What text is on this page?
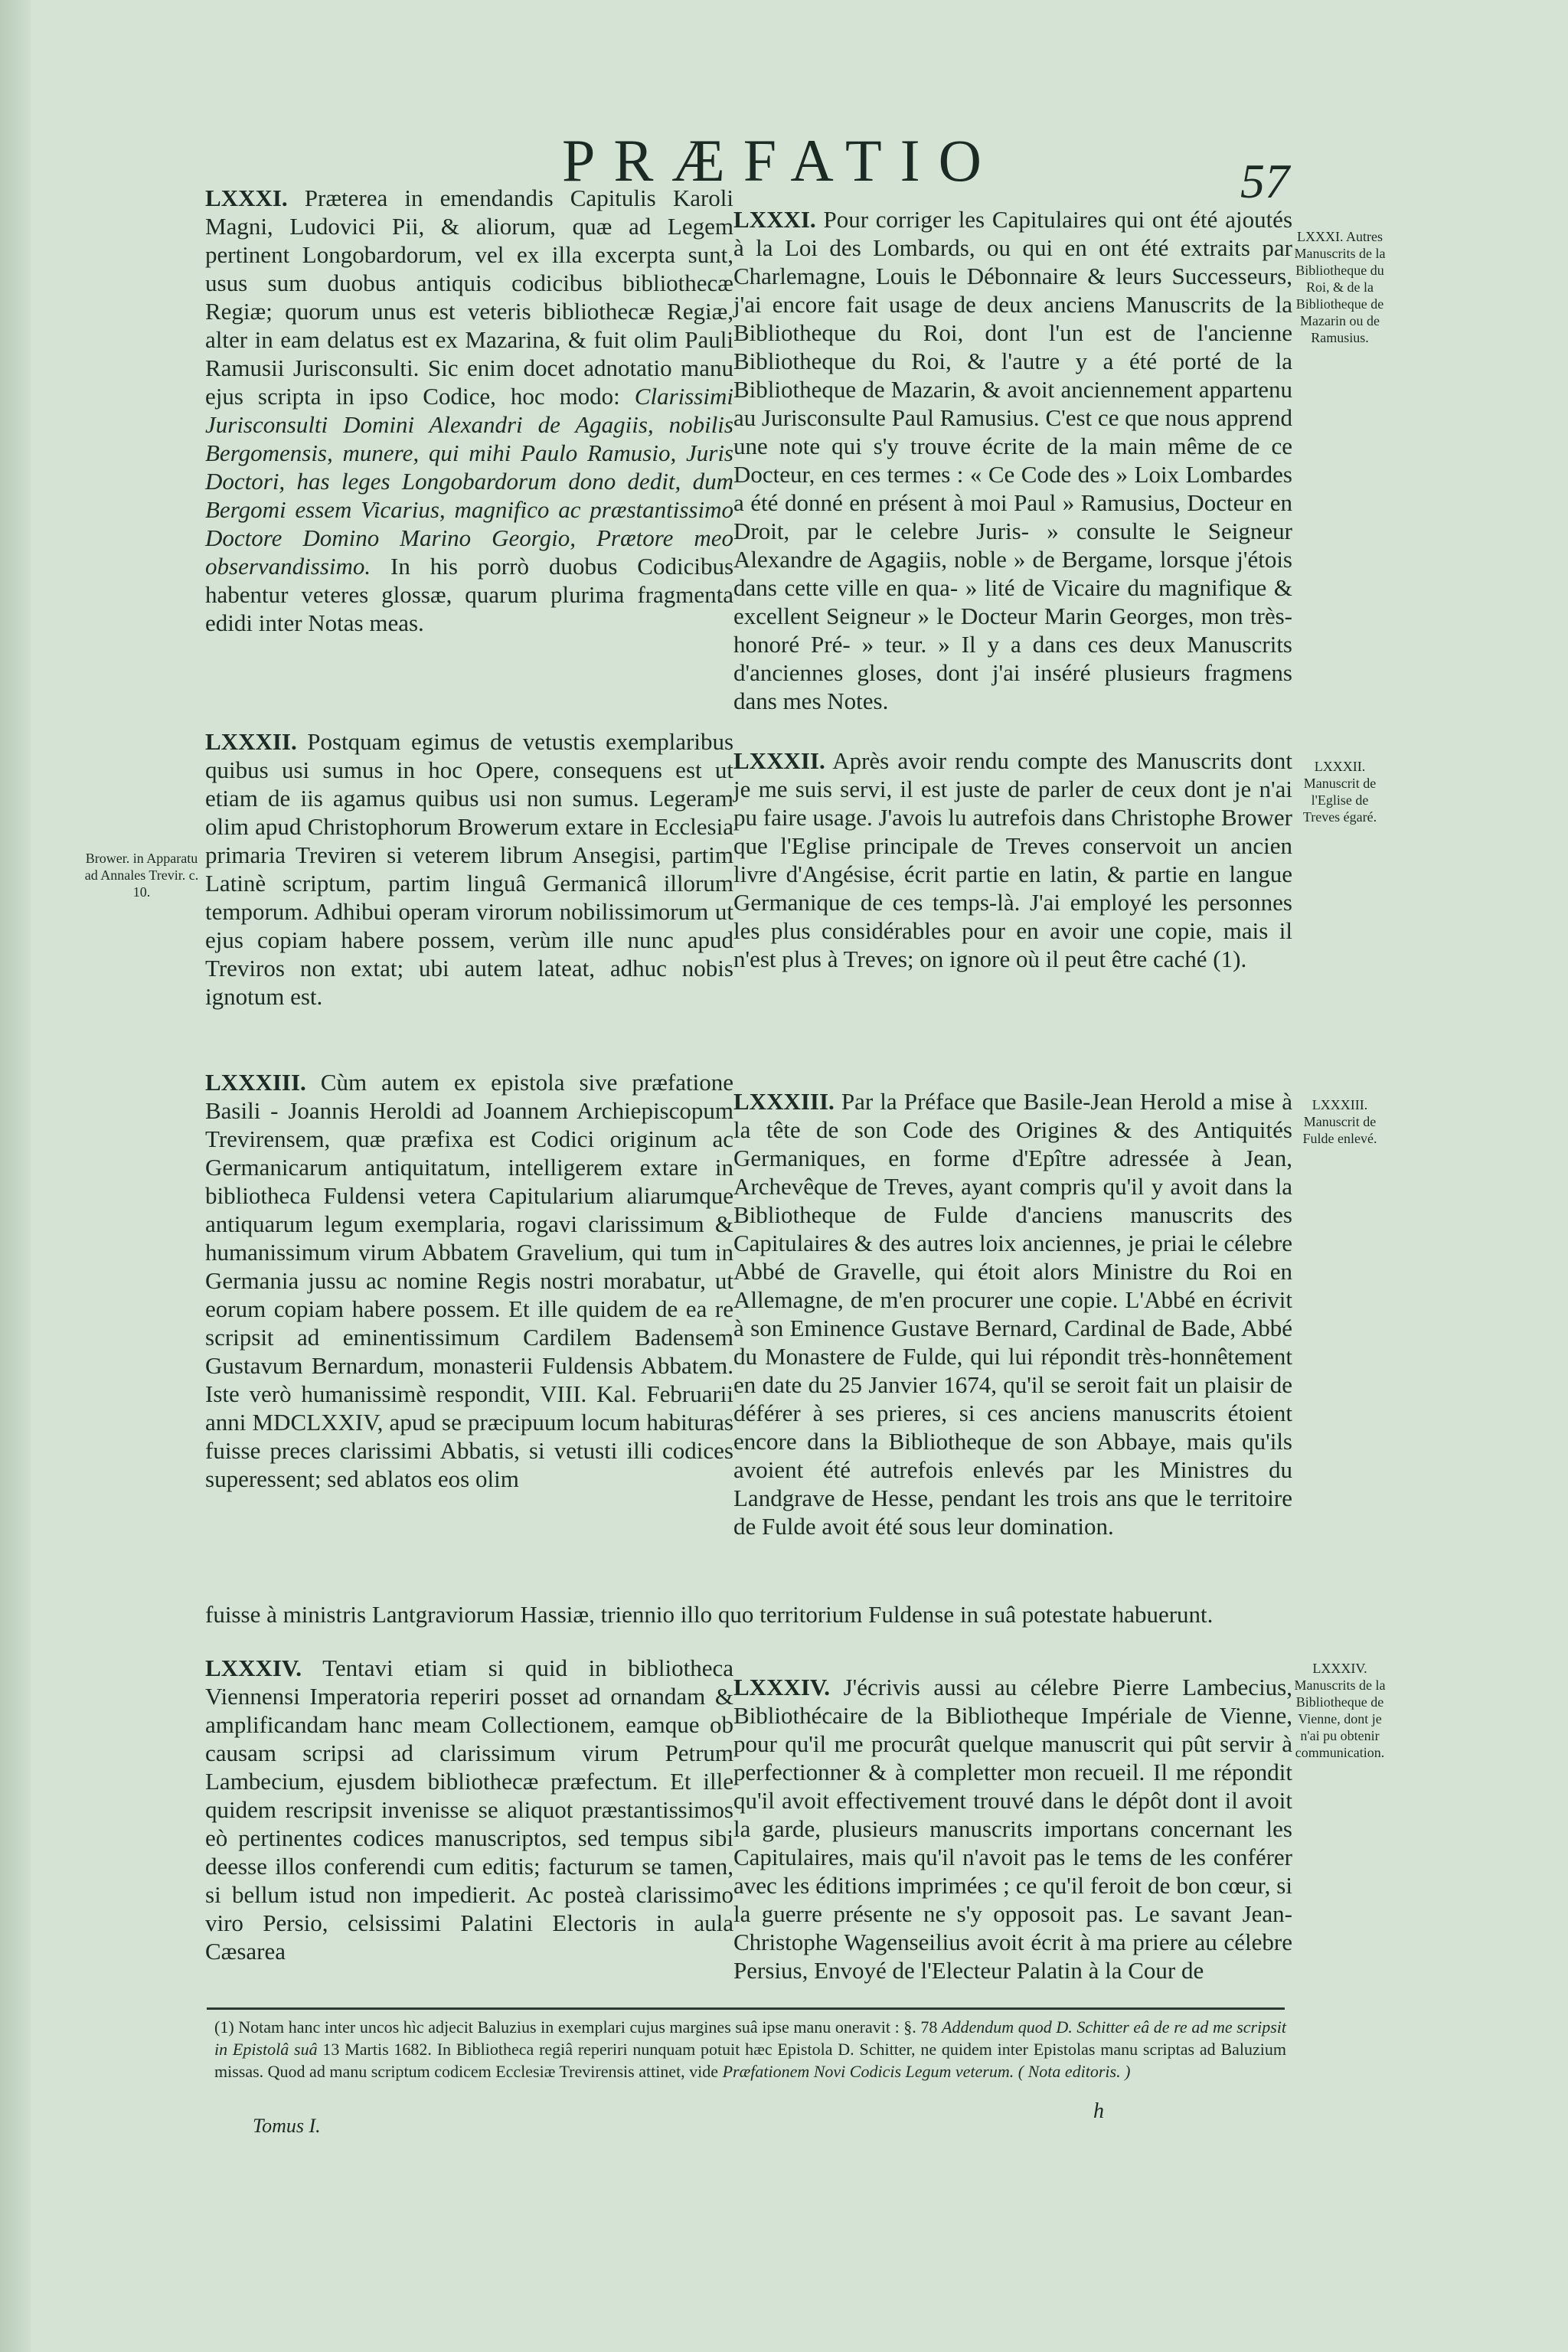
PRÆFATIO	57

LXXXI. Præterea in emendandis Capitulis Karoli Magni, Ludovici Pii, & aliorum, quæ ad Legem pertinent Longobardorum, vel ex illa excerpta sunt, usus sum duobus antiquis codicibus bibliothecæ Regiæ; quorum unus est veteris bibliothecæ Regiæ, alter in eam delatus est ex Mazarina, & fuit olim Pauli Ramusii Jurisconsulti. Sic enim docet adnotatio manu ejus scripta in ipso Codice, hoc modo: Clarissimi Jurisconsulti Domini Alexandri de Agagiis, nobilis Bergomensis, munere, qui mihi Paulo Ramusio, Juris Doctori, has leges Longobardorum dono dedit, dum Bergomi essem Vicarius, magnifico ac præstantissimo Doctore Domino Marino Georgio, Prætore meo observandissimo. In his porrò duobus Codicibus habentur veteres glossæ, quarum plurima fragmenta edidi inter Notas meas.

LXXXI. Pour corriger les Capitulaires qui ont été ajoutés à la Loi des Lombards, ou qui en ont été extraits par Charlemagne, Louis le Débonnaire & leurs Successeurs, j'ai encore fait usage de deux anciens Manuscrits de la Bibliotheque du Roi, dont l'un est de l'ancienne Bibliotheque du Roi, & l'autre y a été porté de la Bibliotheque de Mazarin, & avoit anciennement appartenu au Jurisconsulte Paul Ramusius. C'est ce que nous apprend une note qui s'y trouve écrite de la main même de ce Docteur, en ces termes : « Ce Code des » Loix Lombardes a été donné en présent à moi Paul » Ramusius, Docteur en Droit, par le celebre Juris- » consulte le Seigneur Alexandre de Agagiis, noble » de Bergame, lorsque j'étois dans cette ville en qua- » lité de Vicaire du magnifique & excellent Seigneur » le Docteur Marin Georges, mon très-honoré Pré- » teur. » Il y a dans ces deux Manuscrits d'anciennes gloses, dont j'ai inséré plusieurs fragmens dans mes Notes.

LXXXI. Autres Manuscrits de la Bibliotheque du Roi, & de la Bibliotheque de Mazarin ou de Ramusius.

LXXXII. Postquam egimus de vetustis exemplaribus quibus usi sumus in hoc Opere, consequens est ut etiam de iis agamus quibus usi non sumus. Legeram olim apud Christophorum Browerum extare in Ecclesia primaria Treviren si veterem librum Ansegisi, partim Latinè scriptum, partim linguâ Germanicâ illorum temporum. Adhibui operam virorum nobilissimorum ut ejus copiam habere possem, verùm ille nunc apud Treviros non extat; ubi autem lateat, adhuc nobis ignotum est.

LXXXII. Après avoir rendu compte des Manuscrits dont je me suis servi, il est juste de parler de ceux dont je n'ai pu faire usage. J'avois lu autrefois dans Christophe Brower que l'Eglise principale de Treves conservoit un ancien livre d'Angésise, écrit partie en latin, & partie en langue Germanique de ces temps-là. J'ai employé les personnes les plus considérables pour en avoir une copie, mais il n'est plus à Treves; on ignore où il peut être caché (1).

LXXXII. Manuscrit de l'Eglise de Treves égaré.
Brower. in Apparatu ad Annales Trevir. c. 10.

LXXXIII. Cùm autem ex epistola sive præfatione Basili - Joannis Heroldi ad Joannem Archiepiscopum Trevirensem, quæ præfixa est Codici originum ac Germanicarum antiquitatum, intelligerem extare in bibliotheca Fuldensi vetera Capitularium aliarumque antiquarum legum exemplaria, rogavi clarissimum & humanissimum virum Abbatem Gravelium, qui tum in Germania jussu ac nomine Regis nostri morabatur, ut eorum copiam habere possem. Et ille quidem de ea re scripsit ad eminentissimum Cardilem Badensem Gustavum Bernardum, monasterii Fuldensis Abbatem. Iste verò humanissimè respondit, VIII. Kal. Februarii anni MDCLXXIV, apud se præcipuum locum habituras fuisse preces clarissimi Abbatis, si vetusti illi codices superessent; sed ablatos eos olim

LXXXIII. Par la Préface que Basile-Jean Herold a mise à la tête de son Code des Origines & des Antiquités Germaniques, en forme d'Epître adressée à Jean, Archevêque de Treves, ayant compris qu'il y avoit dans la Bibliotheque de Fulde d'anciens manuscrits des Capitulaires & des autres loix anciennes, je priai le célebre Abbé de Gravelle, qui étoit alors Ministre du Roi en Allemagne, de m'en procurer une copie. L'Abbé en écrivit à son Eminence Gustave Bernard, Cardinal de Bade, Abbé du Monastere de Fulde, qui lui répondit très-honnêtement en date du 25 Janvier 1674, qu'il se seroit fait un plaisir de déférer à ses prieres, si ces anciens manuscrits étoient encore dans la Bibliotheque de son Abbaye, mais qu'ils avoient été autrefois enlevés par les Ministres du Landgrave de Hesse, pendant les trois ans que le territoire de Fulde avoit été sous leur domination.

LXXXIII. Manuscrit de Fulde enlevé.

fuisse à ministris Lantgraviorum Hassiæ, triennio illo quo territorium Fuldense in suâ potestate habuerunt.

LXXXIV. Tentavi etiam si quid in bibliotheca Viennensi Imperatoria reperiri posset ad ornandam & amplificandam hanc meam Collectionem, eamque ob causam scripsi ad clarissimum virum Petrum Lambecium, ejusdem bibliothecæ præfectum. Et ille quidem rescripsit invenisse se aliquot præstantissimos eò pertinentes codices manuscriptos, sed tempus sibi deesse illos conferendi cum editis; facturum se tamen, si bellum istud non impedierit. Ac posteà clarissimo viro Persio, celsissimi Palatini Electoris in aula Cæsarea

LXXXIV. J'écrivis aussi au célebre Pierre Lambecius, Bibliothécaire de la Bibliotheque Impériale de Vienne, pour qu'il me procurât quelque manuscrit qui pût servir à perfectionner & à completter mon recueil. Il me répondit qu'il avoit effectivement trouvé dans le dépôt dont il avoit la garde, plusieurs manuscrits importans concernant les Capitulaires, mais qu'il n'avoit pas le tems de les conférer avec les éditions imprimées ; ce qu'il feroit de bon cœur, si la guerre présente ne s'y opposoit pas. Le savant Jean-Christophe Wagenseilius avoit écrit à ma priere au célebre Persius, Envoyé de l'Electeur Palatin à la Cour de

LXXXIV. Manuscrits de la Bibliotheque de Vienne, dont je n'ai pu obtenir communication.
(1) Notam hanc inter uncos hìc adjecit Baluzius in exemplari cujus margines suâ ipse manu oneravit : §. 78 Addendum quod D. Schitter eâ de re ad me scripsit in Epistolâ suâ 13 Martis 1682. In Bibliotheca regiâ reperiri nunquam potuit hæc Epistola D. Schitter, ne quidem inter Epistolas manu scriptas ad Baluzium missas. Quod ad manu scriptum codicem Ecclesiæ Trevirensis attinet, vide Præfationem Novi Codicis Legum veterum. ( Nota editoris. )
Tomus I.
h
